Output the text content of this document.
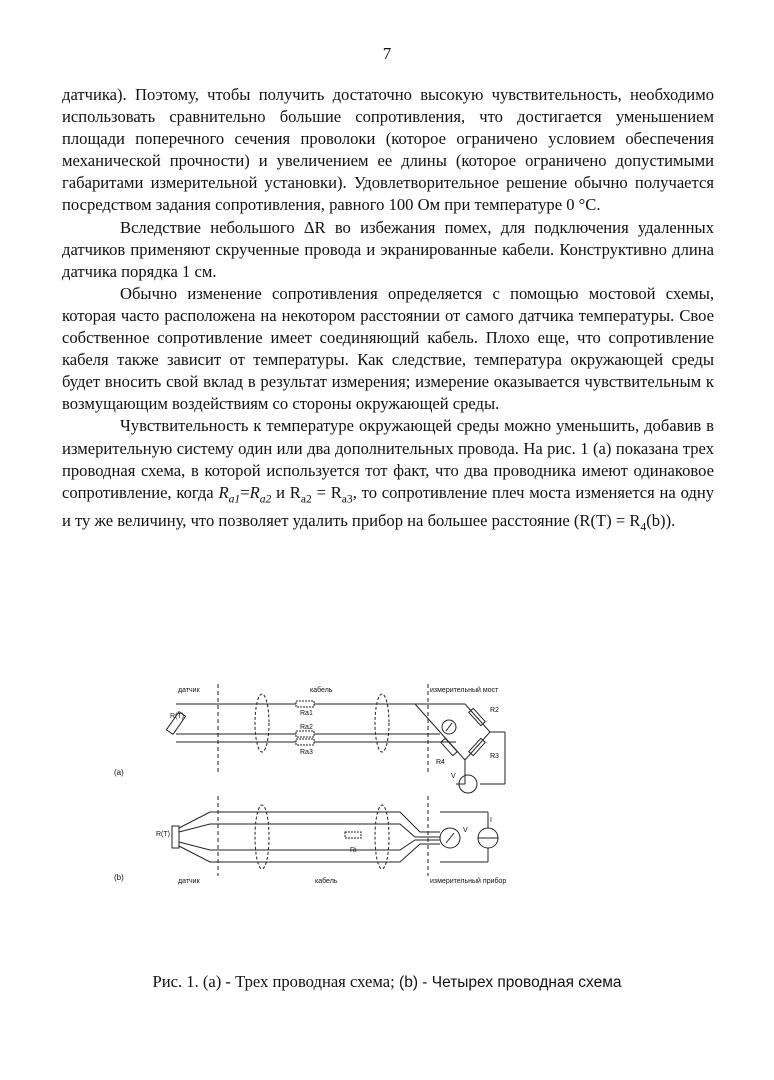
7

датчика). Поэтому, чтобы получить достаточно высокую чувствительность, необходимо использовать сравнительно большие сопротивления, что достигается уменьшением площади поперечного сечения проволоки (которое ограничено условием обеспечения механической прочности) и увеличением ее длины (которое ограничено допустимыми габаритами измерительной установки). Удовлетворительное решение обычно получается посредством задания сопротивления, равного 100 Ом при температуре 0 °C.

Вследствие небольшого ΔR во избежания помех, для подключения удаленных датчиков применяют скрученные провода и экранированные кабели. Конструктивно длина датчика порядка 1 см.

Обычно изменение сопротивления определяется с помощью мостовой схемы, которая часто расположена на некотором расстоянии от самого датчика температуры. Свое собственное сопротивление имеет соединяющий кабель. Плохо еще, что сопротивление кабеля также зависит от температуры. Как следствие, температура окружающей среды будет вносить свой вклад в результат измерения; измерение оказывается чувствительным к возмущающим воздействиям со стороны окружающей среды.

Чувствительность к температуре окружающей среды можно уменьшить, добавив в измерительную систему один или два дополнительных провода. На рис. 1 (а) показана трех проводная схема, в которой используется тот факт, что два проводника имеют одинаковое сопротивление, когда $R_{a1}=R_{a2}$ и $R_{a2} = R_{a3}$, то сопротивление плеч моста изменяется на одну и ту же величину, что позволяет удалить прибор на большее расстояние $(R(T) = R_4(b))$.

(a)
датчик	кабель	измерительный мост
R(T)	Ra1
Ra2
Ra3
R2
R3
R4
V
(b)	датчик	кабель	измерительный прибор
R(T)
Ri
V
I
Рис. 1. (а) - Трех проводная схема; (b) - Четырех проводная схема
